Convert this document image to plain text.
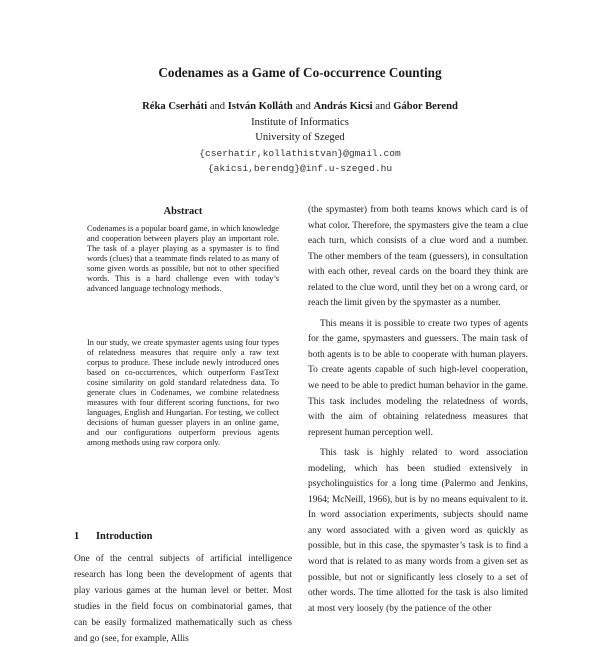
Codenames as a Game of Co-occurrence Counting
Réka Cserháti and István Kolláth and András Kicsi and Gábor Berend
Institute of Informatics
University of Szeged
{cserhatir,kollathistvan}@gmail.com
{akicsi,berendg}@inf.u-szeged.hu
Abstract

Codenames is a popular board game, in which knowledge and cooperation between players play an important role. The task of a player playing as a spymaster is to find words (clues) that a teammate finds related to as many of some given words as possible, but not to other specified words. This is a hard challenge even with today’s advanced language technology methods.

In our study, we create spymaster agents using four types of relatedness measures that require only a raw text corpus to produce. These include newly introduced ones based on co-occurrences, which outperform FastText cosine similarity on gold standard relatedness data. To generate clues in Codenames, we combine relatedness measures with four different scoring functions, for two languages, English and Hungarian. For testing, we collect decisions of human guesser players in an online game, and our configurations outperform previous agents among methods using raw corpora only.

1 Introduction
One of the central subjects of artificial intelligence research has long been the development of agents that play various games at the human level or better. Most studies in the field focus on combinatorial games, that can be easily formalized mathematically such as chess and go (see, for example, Allis

(the spymaster) from both teams knows which card is of what color. Therefore, the spymasters give the team a clue each turn, which consists of a clue word and a number. The other members of the team (guessers), in consultation with each other, reveal cards on the board they think are related to the clue word, until they bet on a wrong card, or reach the limit given by the spymaster as a number.

This means it is possible to create two types of agents for the game, spymasters and guessers. The main task of both agents is to be able to cooperate with human players. To create agents capable of such high-level cooperation, we need to be able to predict human behavior in the game. This task includes modeling the relatedness of words, with the aim of obtaining relatedness measures that represent human perception well.

This task is highly related to word association modeling, which has been studied extensively in psycholinguistics for a long time (Palermo and Jenkins, 1964; McNeill, 1966), but is by no means equivalent to it. In word association experiments, subjects should name any word associated with a given word as quickly as possible, but in this case, the spymaster’s task is to find a word that is related to as many words from a given set as possible, but not or significantly less closely to a set of other words. The time allotted for the task is also limited at most very loosely (by the patience of the other
